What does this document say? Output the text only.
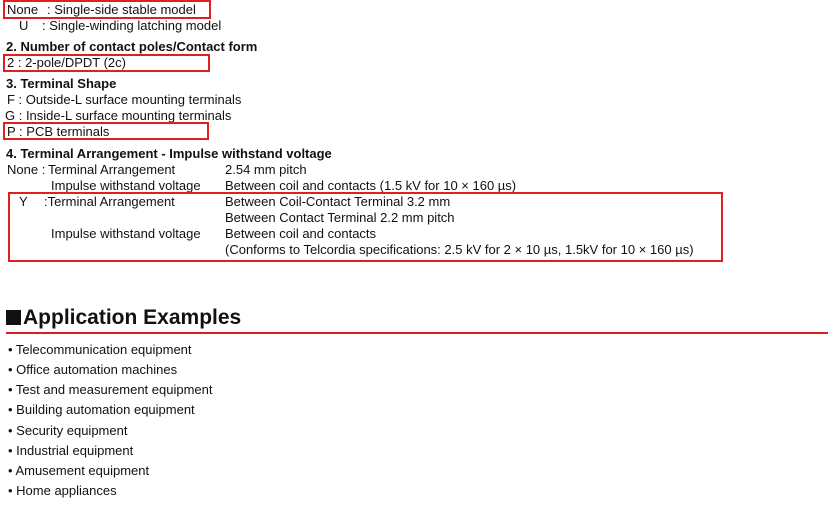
None : Single-side stable model
U : Single-winding latching model
2. Number of contact poles/Contact form
2 : 2-pole/DPDT (2c)
3. Terminal Shape
F : Outside-L surface mounting terminals
G : Inside-L surface mounting terminals
P : PCB terminals
4. Terminal Arrangement - Impulse withstand voltage
None : Terminal Arrangement	2.54 mm pitch
Impulse withstand voltage Between coil and contacts (1.5 kV for 10 × 160 µs)
Y :Terminal Arrangement	Between Coil-Contact Terminal 3.2 mm
Between Contact Terminal 2.2 mm pitch
Impulse withstand voltage Between coil and contacts
(Conforms to Telcordia specifications: 2.5 kV for 2 × 10 µs, 1.5kV for 10 × 160 µs)
Application Examples
• Telecommunication equipment
• Office automation machines
• Test and measurement equipment
• Building automation equipment
• Security equipment
• Industrial equipment
• Amusement equipment
• Home appliances
